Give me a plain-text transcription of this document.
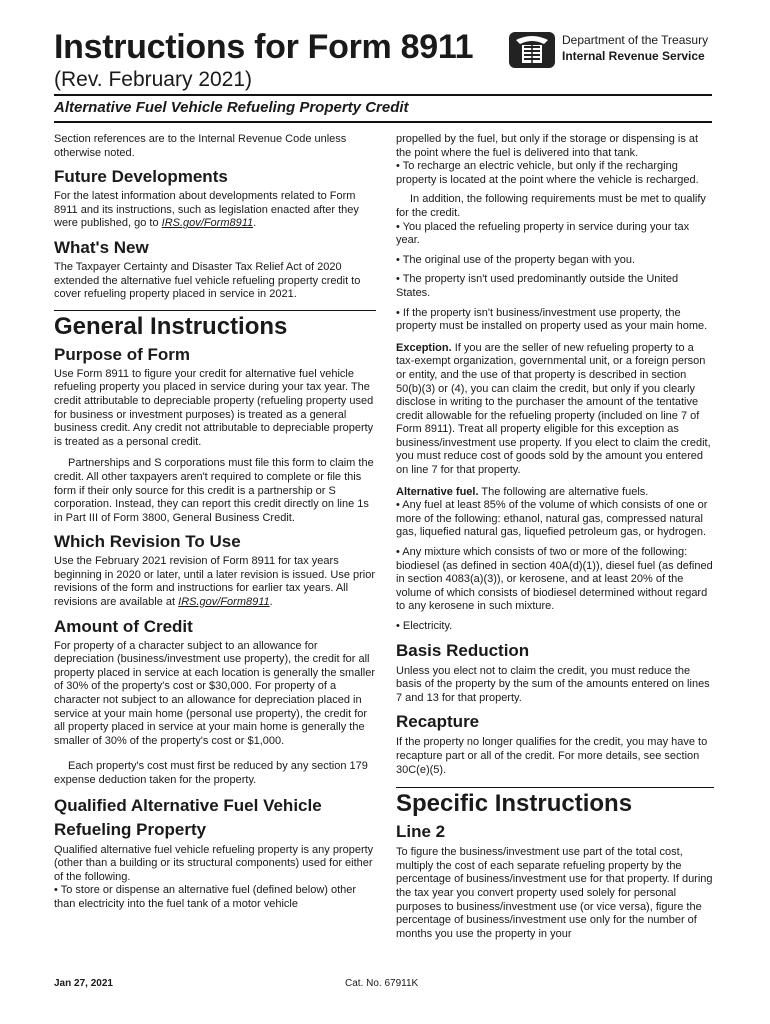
Instructions for Form 8911

(Rev. February 2021)

Department of the Treasury
Internal Revenue Service

Alternative Fuel Vehicle Refueling Property Credit

Section references are to the Internal Revenue Code unless otherwise noted.

Future Developments

For the latest information about developments related to Form 8911 and its instructions, such as legislation enacted after they were published, go to IRS.gov/Form8911.

What's New

The Taxpayer Certainty and Disaster Tax Relief Act of 2020 extended the alternative fuel vehicle refueling property credit to cover refueling property placed in service in 2021.

General Instructions
Purpose of Form

Use Form 8911 to figure your credit for alternative fuel vehicle refueling property you placed in service during your tax year. The credit attributable to depreciable property (refueling property used for business or investment purposes) is treated as a general business credit. Any credit not attributable to depreciable property is treated as a personal credit.

Partnerships and S corporations must file this form to claim the credit. All other taxpayers aren't required to complete or file this form if their only source for this credit is a partnership or S corporation. Instead, they can report this credit directly on line 1s in Part III of Form 3800, General Business Credit.

Which Revision To Use

Use the February 2021 revision of Form 8911 for tax years beginning in 2020 or later, until a later revision is issued. Use prior revisions of the form and instructions for earlier tax years. All revisions are available at IRS.gov/Form8911.

Amount of Credit

For property of a character subject to an allowance for depreciation (business/investment use property), the credit for all property placed in service at each location is generally the smaller of 30% of the property's cost or $30,000. For property of a character not subject to an allowance for depreciation placed in service at your main home (personal use property), the credit for all property placed in service at your main home is generally the smaller of 30% of the property's cost or $1,000.

Each property's cost must first be reduced by any section 179 expense deduction taken for the property.

Qualified Alternative Fuel Vehicle Refueling Property

Qualified alternative fuel vehicle refueling property is any property (other than a building or its structural components) used for either of the following.

• To store or dispense an alternative fuel (defined below) other than electricity into the fuel tank of a motor vehicle

propelled by the fuel, but only if the storage or dispensing is at the point where the fuel is delivered into that tank.

• To recharge an electric vehicle, but only if the recharging property is located at the point where the vehicle is recharged.

In addition, the following requirements must be met to qualify for the credit.

• You placed the refueling property in service during your tax year.

• The original use of the property began with you.

• The property isn't used predominantly outside the United States.

• If the property isn't business/investment use property, the property must be installed on property used as your main home.

Exception. If you are the seller of new refueling property to a tax-exempt organization, governmental unit, or a foreign person or entity, and the use of that property is described in section 50(b)(3) or (4), you can claim the credit, but only if you clearly disclose in writing to the purchaser the amount of the tentative credit allowable for the refueling property (included on line 7 of Form 8911). Treat all property eligible for this exception as business/investment use property. If you elect to claim the credit, you must reduce cost of goods sold by the amount you entered on line 7 for that property.

Alternative fuel. The following are alternative fuels.

• Any fuel at least 85% of the volume of which consists of one or more of the following: ethanol, natural gas, compressed natural gas, liquefied natural gas, liquefied petroleum gas, or hydrogen.

• Any mixture which consists of two or more of the following: biodiesel (as defined in section 40A(d)(1)), diesel fuel (as defined in section 4083(a)(3)), or kerosene, and at least 20% of the volume of which consists of biodiesel determined without regard to any kerosene in such mixture.

• Electricity.

Basis Reduction

Unless you elect not to claim the credit, you must reduce the basis of the property by the sum of the amounts entered on lines 7 and 13 for that property.

Recapture

If the property no longer qualifies for the credit, you may have to recapture part or all of the credit. For more details, see section 30C(e)(5).

Specific Instructions
Line 2

To figure the business/investment use part of the total cost, multiply the cost of each separate refueling property by the percentage of business/investment use for that property. If during the tax year you convert property used solely for personal purposes to business/investment use (or vice versa), figure the percentage of business/investment use only for the number of months you use the property in your

Jan 27, 2021	Cat. No. 67911K
